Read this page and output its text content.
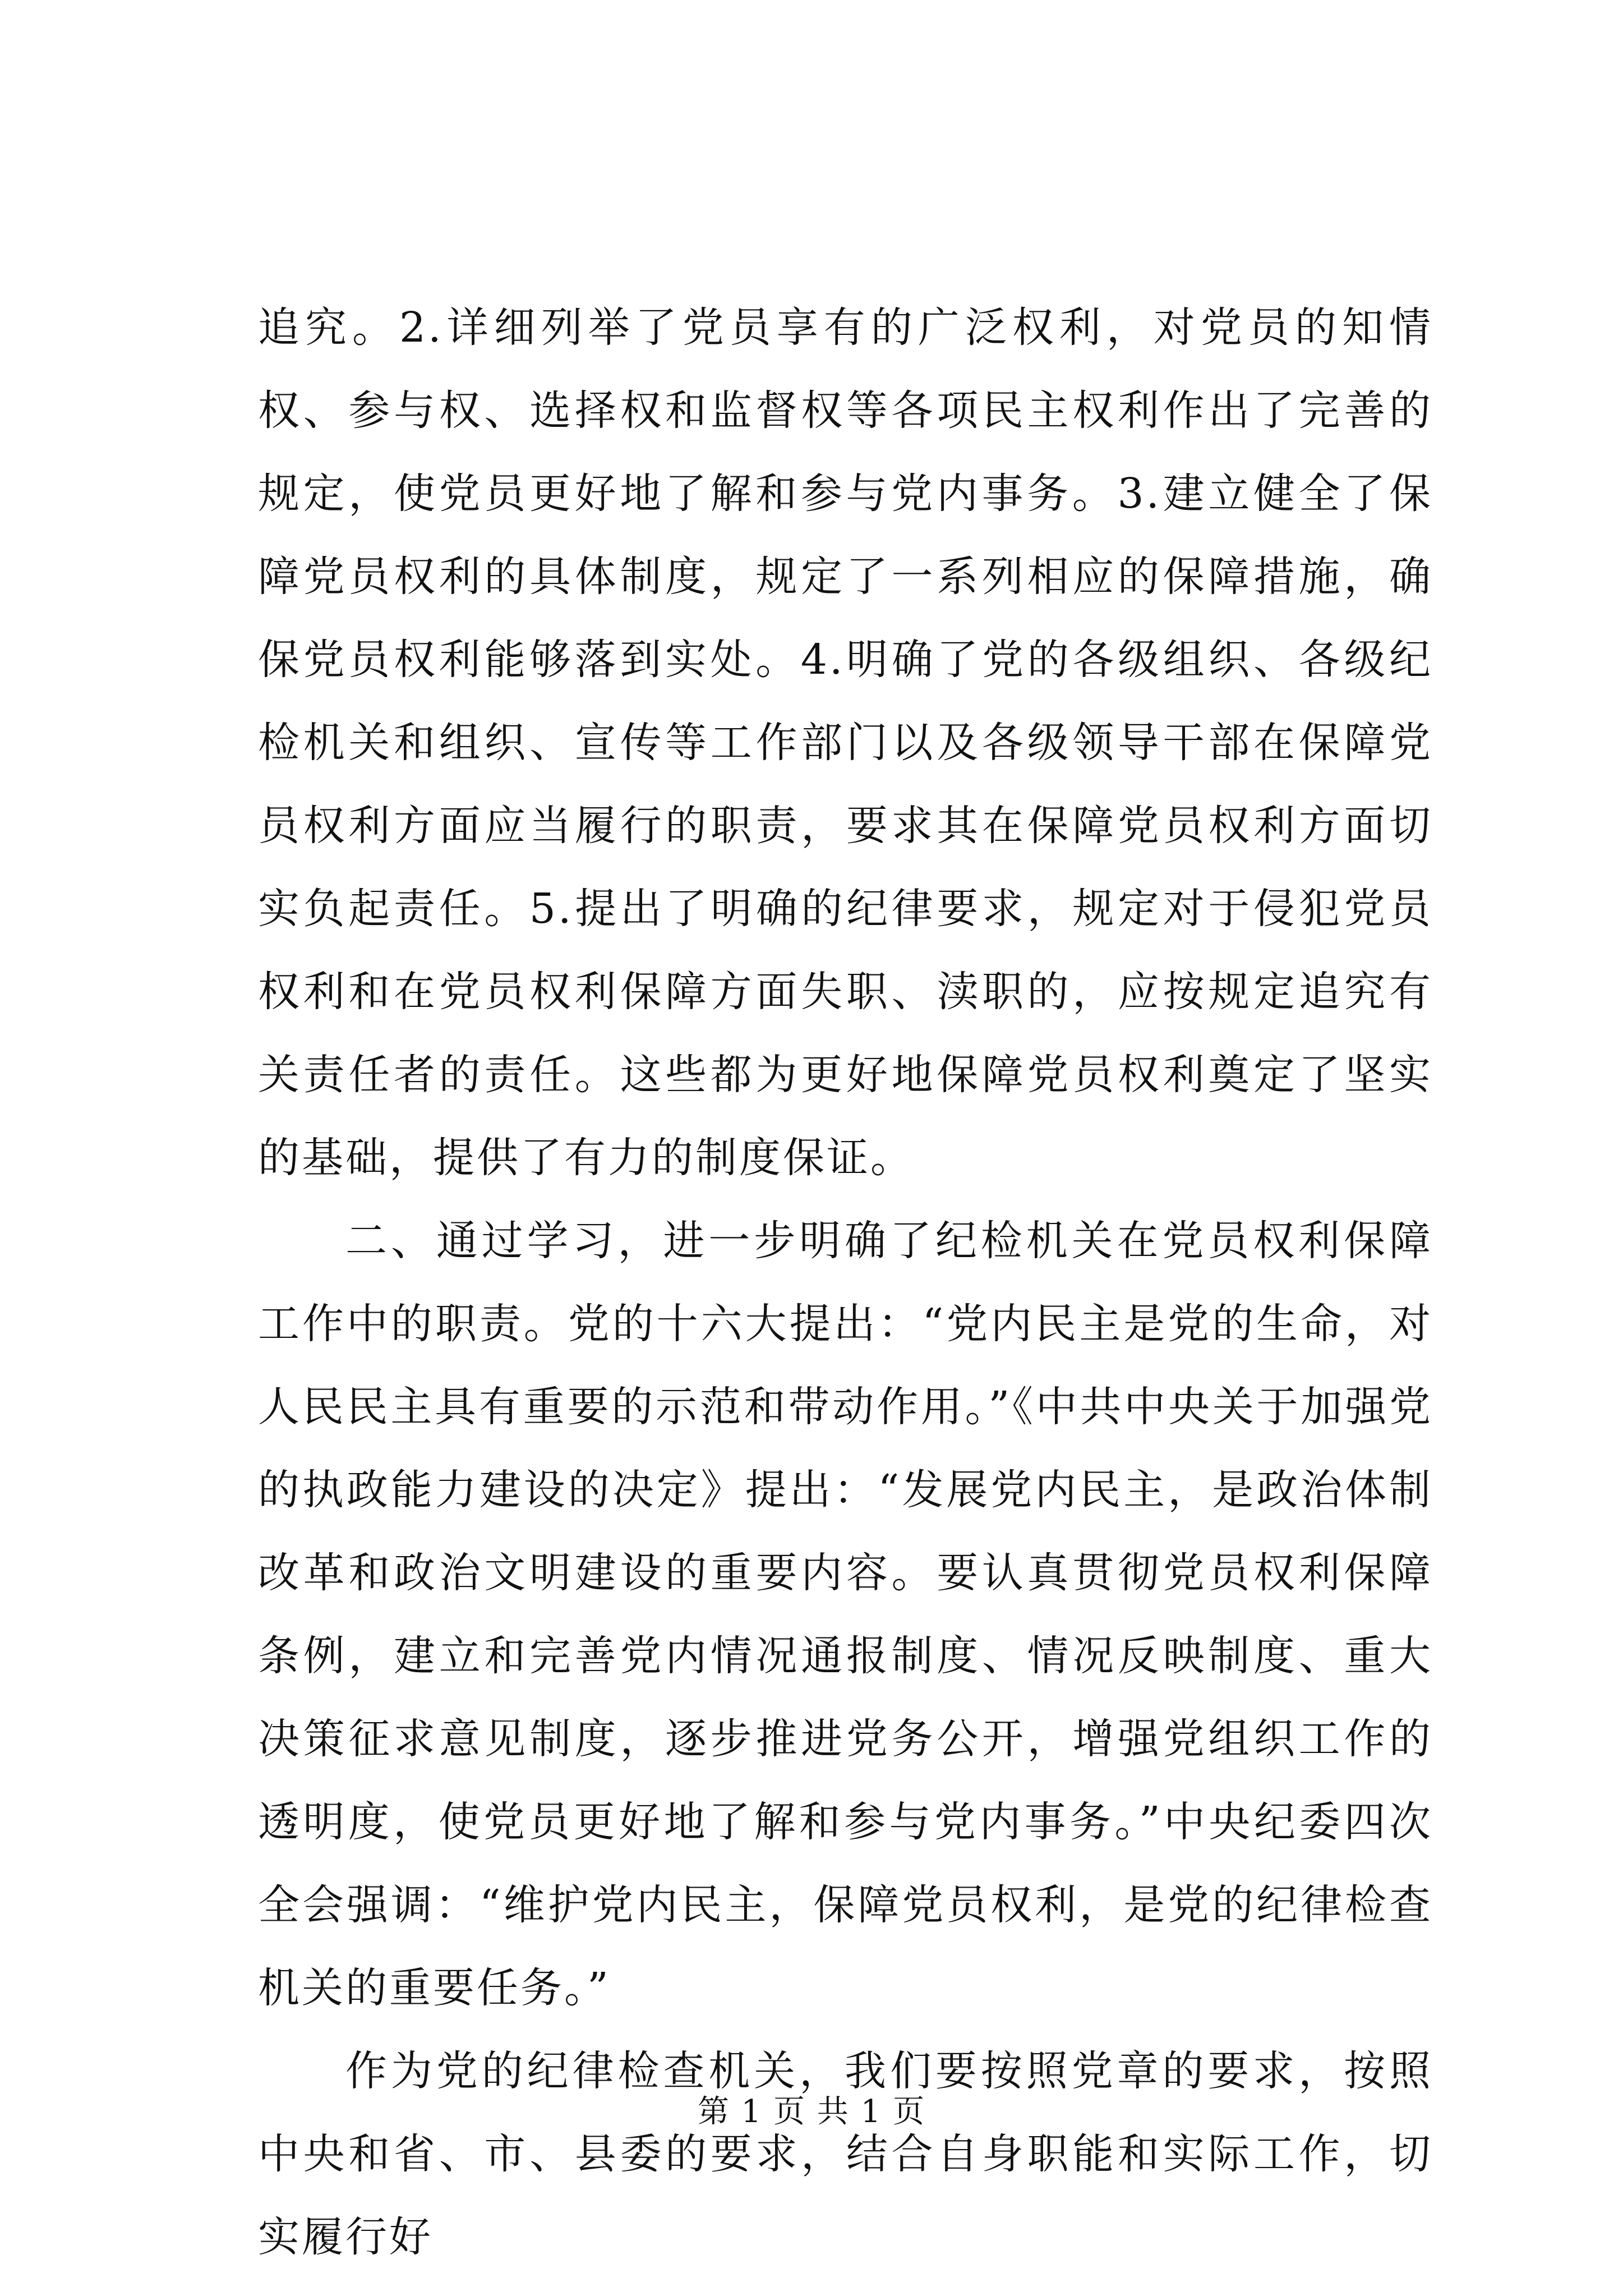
追究。2.详细列举了党员享有的广泛权利，对党员的知情权、参与权、选择权和监督权等各项民主权利作出了完善的规定，使党员更好地了解和参与党内事务。3.建立健全了保障党员权利的具体制度，规定了一系列相应的保障措施，确保党员权利能够落到实处。4.明确了党的各级组织、各级纪检机关和组织、宣传等工作部门以及各级领导干部在保障党员权利方面应当履行的职责，要求其在保障党员权利方面切实负起责任。5.提出了明确的纪律要求，规定对于侵犯党员权利和在党员权利保障方面失职、渎职的，应按规定追究有关责任者的责任。这些都为更好地保障党员权利奠定了坚实的基础，提供了有力的制度保证。

二、通过学习，进一步明确了纪检机关在党员权利保障工作中的职责。党的十六大提出：“党内民主是党的生命，对人民民主具有重要的示范和带动作用。”《中共中央关于加强党的执政能力建设的决定》提出：“发展党内民主，是政治体制改革和政治文明建设的重要内容。要认真贯彻党员权利保障条例，建立和完善党内情况通报制度、情况反映制度、重大决策征求意见制度，逐步推进党务公开，增强党组织工作的透明度，使党员更好地了解和参与党内事务。”中央纪委四次全会强调：“维护党内民主，保障党员权利，是党的纪律检查机关的重要任务。”

作为党的纪律检查机关，我们要按照党章的要求，按照中央和省、市、县委的要求，结合自身职能和实际工作，切实履行好

第 1 页 共 1 页
